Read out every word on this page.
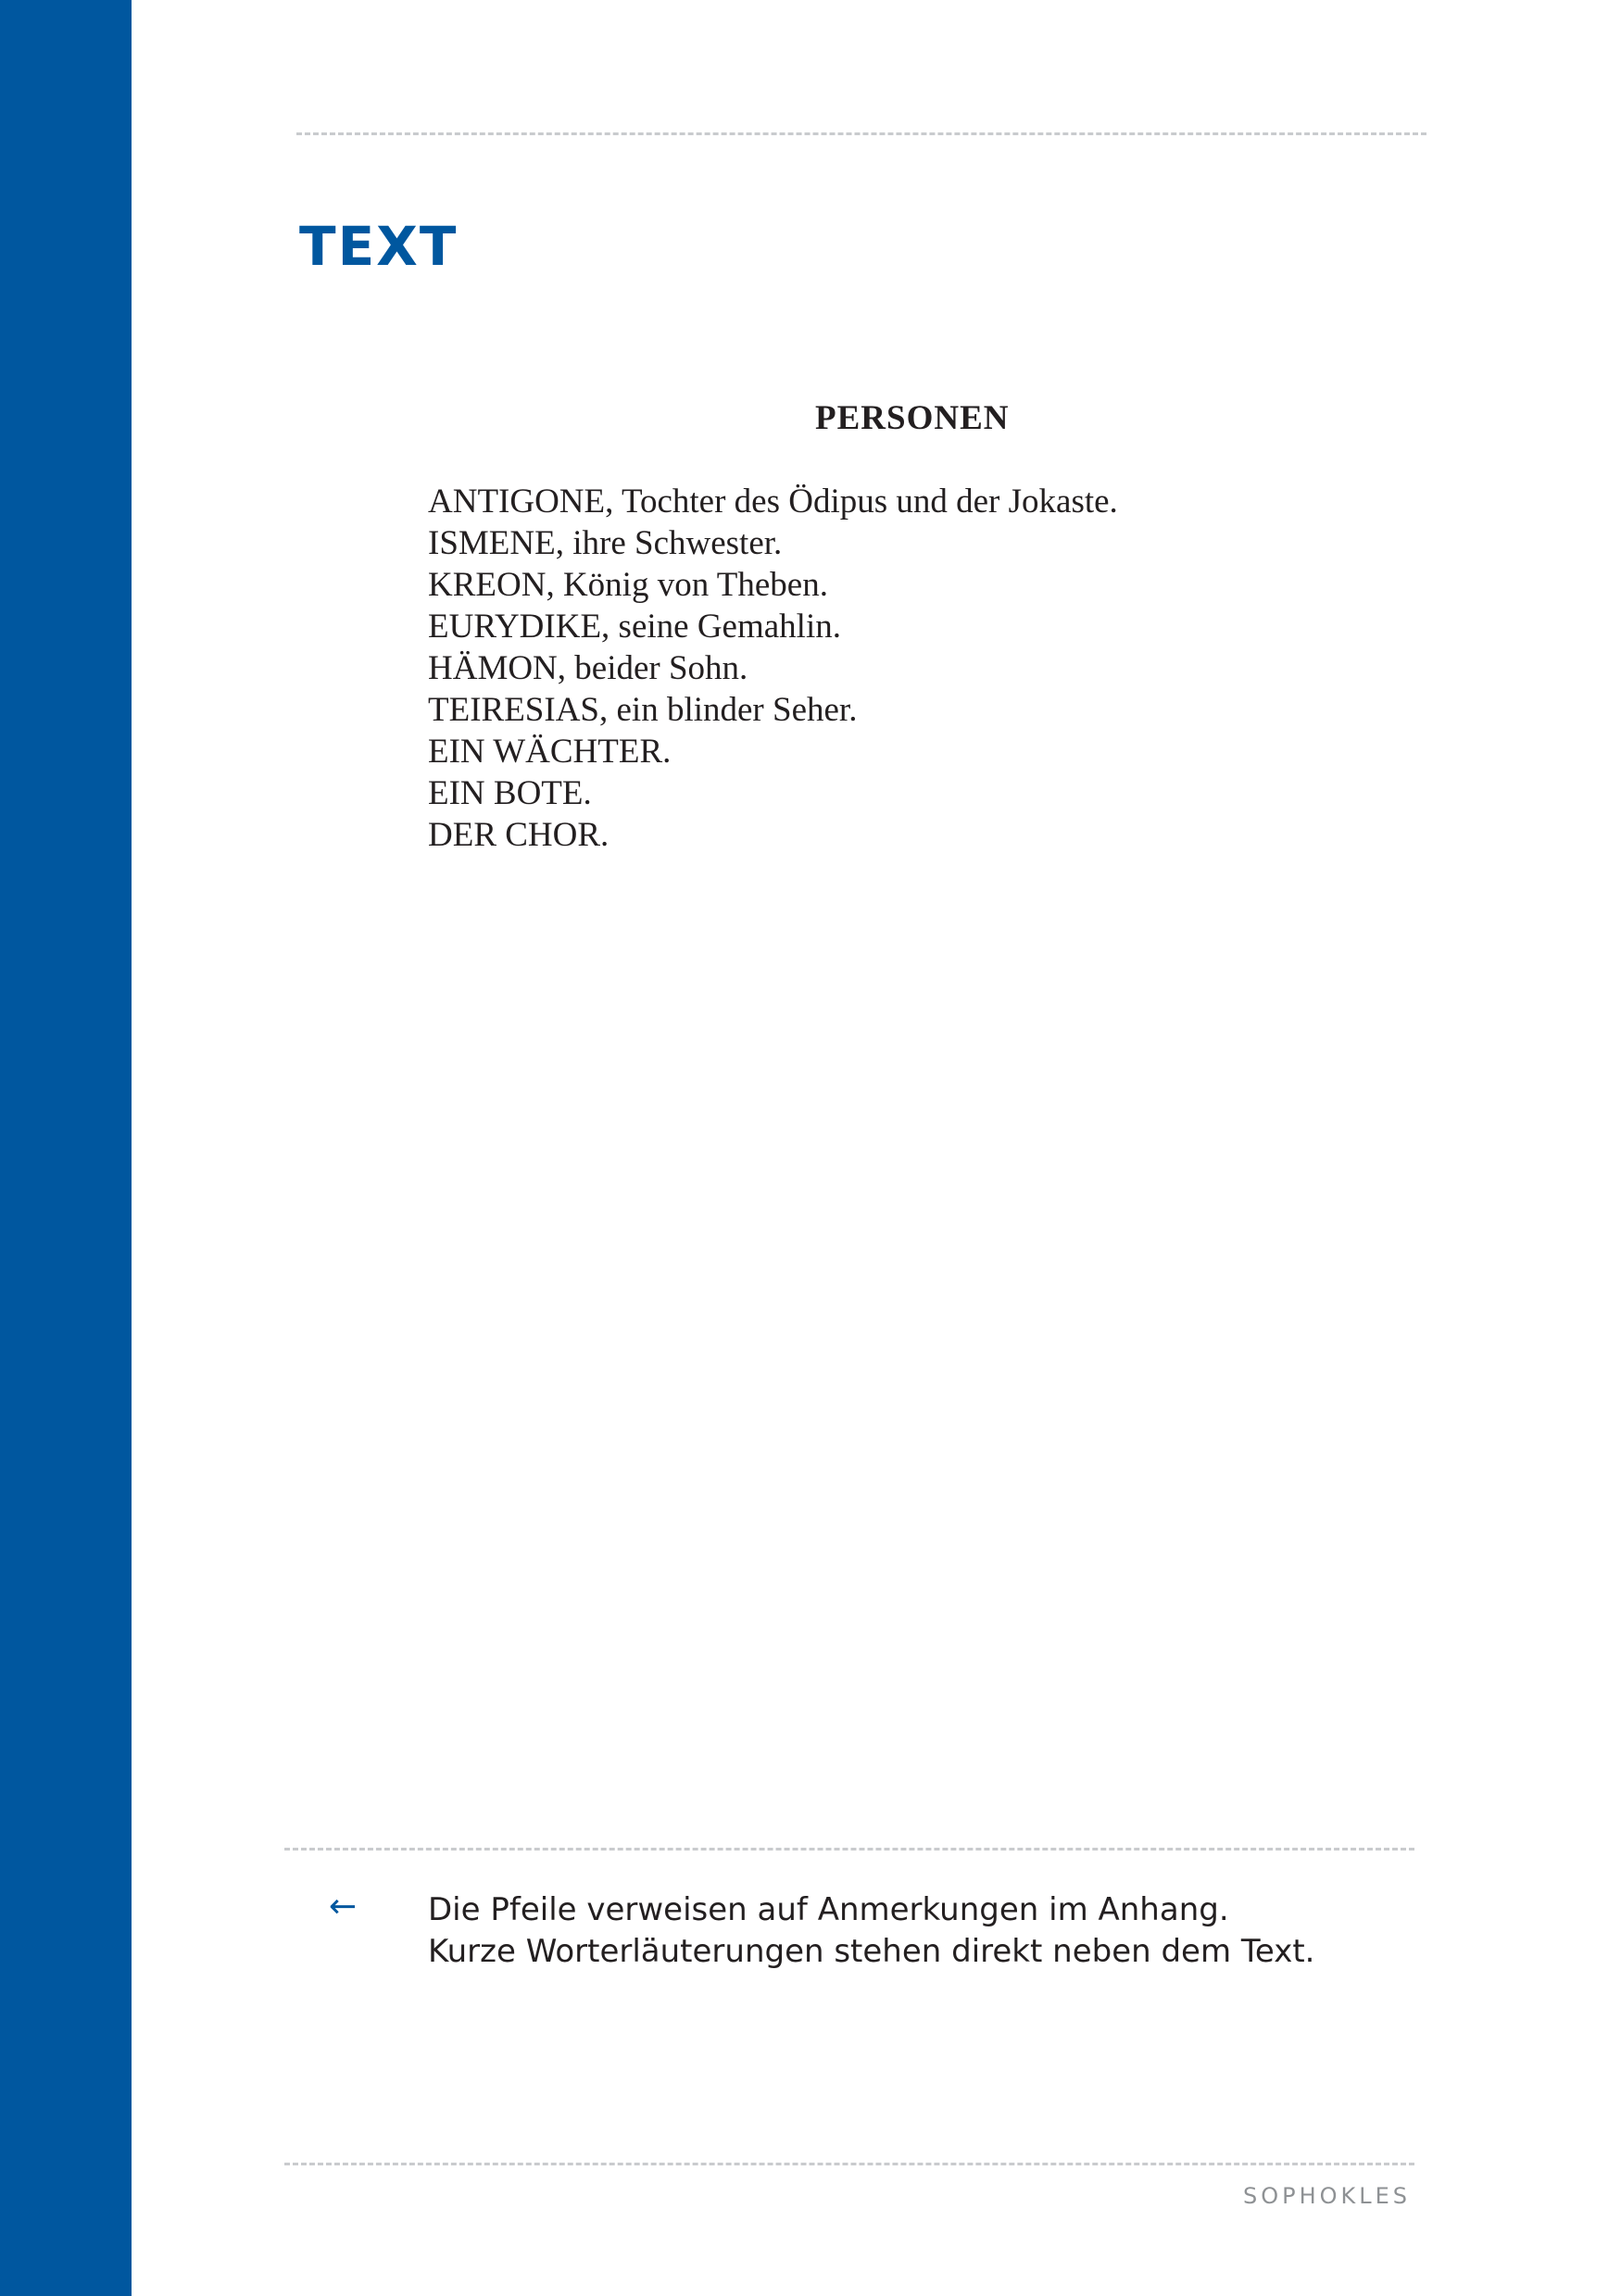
TEXT
PERSONEN
ANTIGONE, Tochter des Ödipus und der Jokaste.
ISMENE, ihre Schwester.
KREON, König von Theben.
EURYDIKE, seine Gemahlin.
HÄMON, beider Sohn.
TEIRESIAS, ein blinder Seher.
EIN WÄCHTER.
EIN BOTE.
DER CHOR.
← Die Pfeile verweisen auf Anmerkungen im Anhang.
Kurze Worterläuterungen stehen direkt neben dem Text.
SOPHOKLES
